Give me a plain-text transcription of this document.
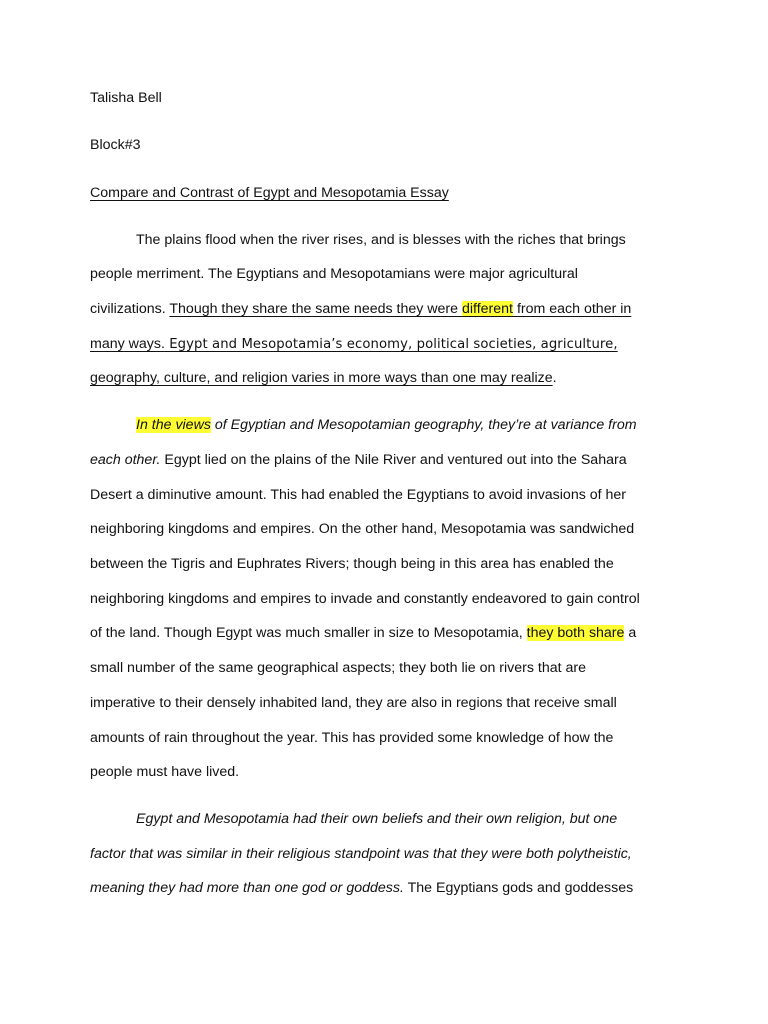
Talisha Bell
Block#3
Compare and Contrast of Egypt and Mesopotamia Essay
The plains flood when the river rises, and is blesses with the riches that brings
people merriment. The Egyptians and Mesopotamians were major agricultural
civilizations. Though they share the same needs they were different from each other in
many ways. Egypt and Mesopotamia’s economy, political societies, agriculture,
geography, culture, and religion varies in more ways than one may realize.
In the views of Egyptian and Mesopotamian geography, they’re at variance from
each other. Egypt lied on the plains of the Nile River and ventured out into the Sahara
Desert a diminutive amount. This had enabled the Egyptians to avoid invasions of her
neighboring kingdoms and empires. On the other hand, Mesopotamia was sandwiched
between the Tigris and Euphrates Rivers; though being in this area has enabled the
neighboring kingdoms and empires to invade and constantly endeavored to gain control
of the land. Though Egypt was much smaller in size to Mesopotamia, they both share a
small number of the same geographical aspects; they both lie on rivers that are
imperative to their densely inhabited land, they are also in regions that receive small
amounts of rain throughout the year. This has provided some knowledge of how the
people must have lived.
Egypt and Mesopotamia had their own beliefs and their own religion, but one
factor that was similar in their religious standpoint was that they were both polytheistic,
meaning they had more than one god or goddess. The Egyptians gods and goddesses
